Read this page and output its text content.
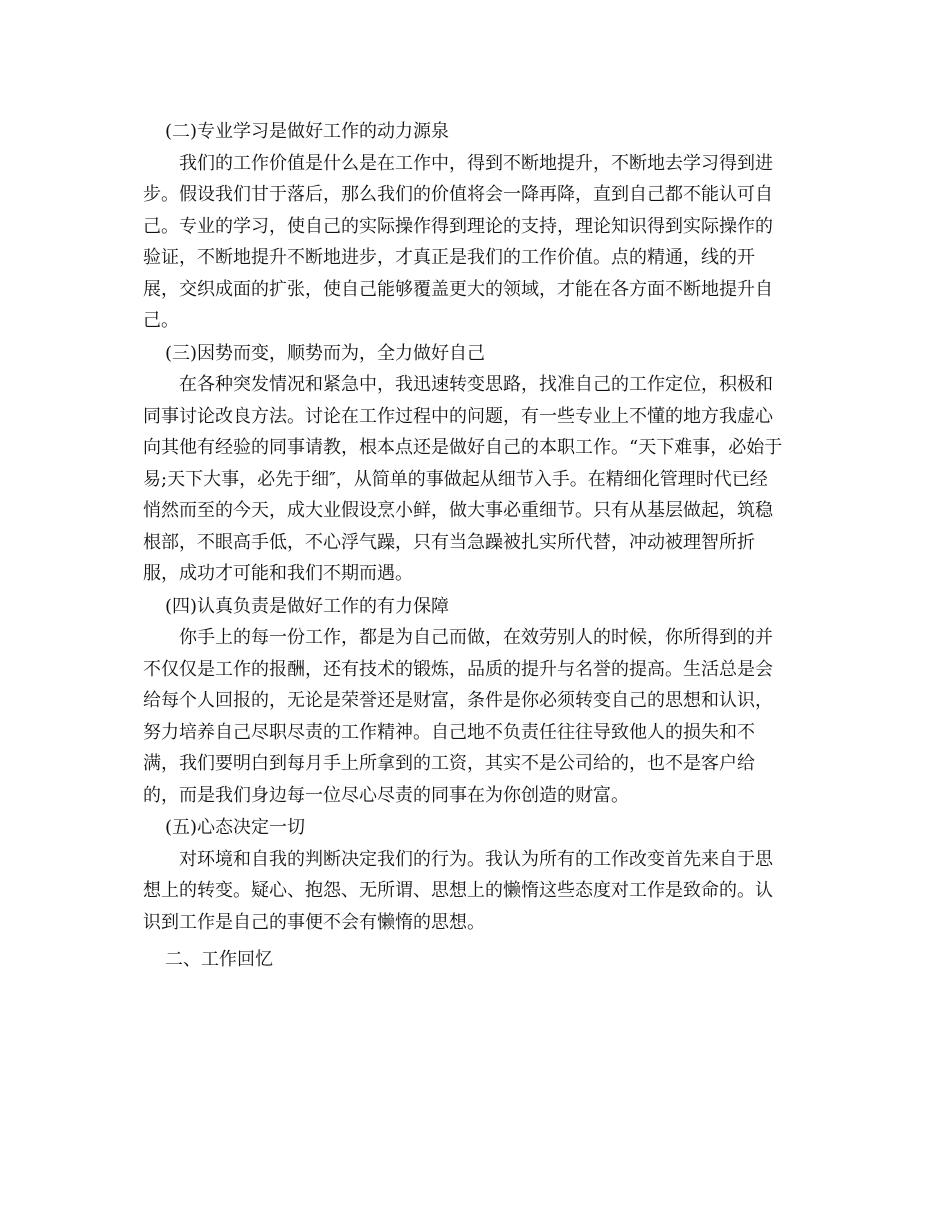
(二)专业学习是做好工作的动力源泉
我们的工作价值是什么是在工作中，得到不断地提升，不断地去学习得到进
步。假设我们甘于落后，那么我们的价值将会一降再降，直到自己都不能认可自
己。专业的学习，使自己的实际操作得到理论的支持，理论知识得到实际操作的
验证，不断地提升不断地进步，才真正是我们的工作价值。点的精通，线的开
展，交织成面的扩张，使自己能够覆盖更大的领域，才能在各方面不断地提升自
己。
(三)因势而变，顺势而为，全力做好自己
在各种突发情况和紧急中，我迅速转变思路，找准自己的工作定位，积极和
同事讨论改良方法。讨论在工作过程中的问题，有一些专业上不懂的地方我虚心
向其他有经验的同事请教，根本点还是做好自己的本职工作。“天下难事，必始于
易;天下大事，必先于细″，从简单的事做起从细节入手。在精细化管理时代已经
悄然而至的今天，成大业假设烹小鲜，做大事必重细节。只有从基层做起，筑稳
根部，不眼高手低，不心浮气躁，只有当急躁被扎实所代替，冲动被理智所折
服，成功才可能和我们不期而遇。
(四)认真负责是做好工作的有力保障
你手上的每一份工作，都是为自己而做，在效劳别人的时候，你所得到的并
不仅仅是工作的报酬，还有技术的锻炼，品质的提升与名誉的提高。生活总是会
给每个人回报的，无论是荣誉还是财富，条件是你必须转变自己的思想和认识，
努力培养自己尽职尽责的工作精神。自己地不负责任往往导致他人的损失和不
满，我们要明白到每月手上所拿到的工资，其实不是公司给的，也不是客户给
的，而是我们身边每一位尽心尽责的同事在为你创造的财富。
(五)心态决定一切
对环境和自我的判断决定我们的行为。我认为所有的工作改变首先来自于思
想上的转变。疑心、抱怨、无所谓、思想上的懒惰这些态度对工作是致命的。认
识到工作是自己的事便不会有懒惰的思想。
二、工作回忆
